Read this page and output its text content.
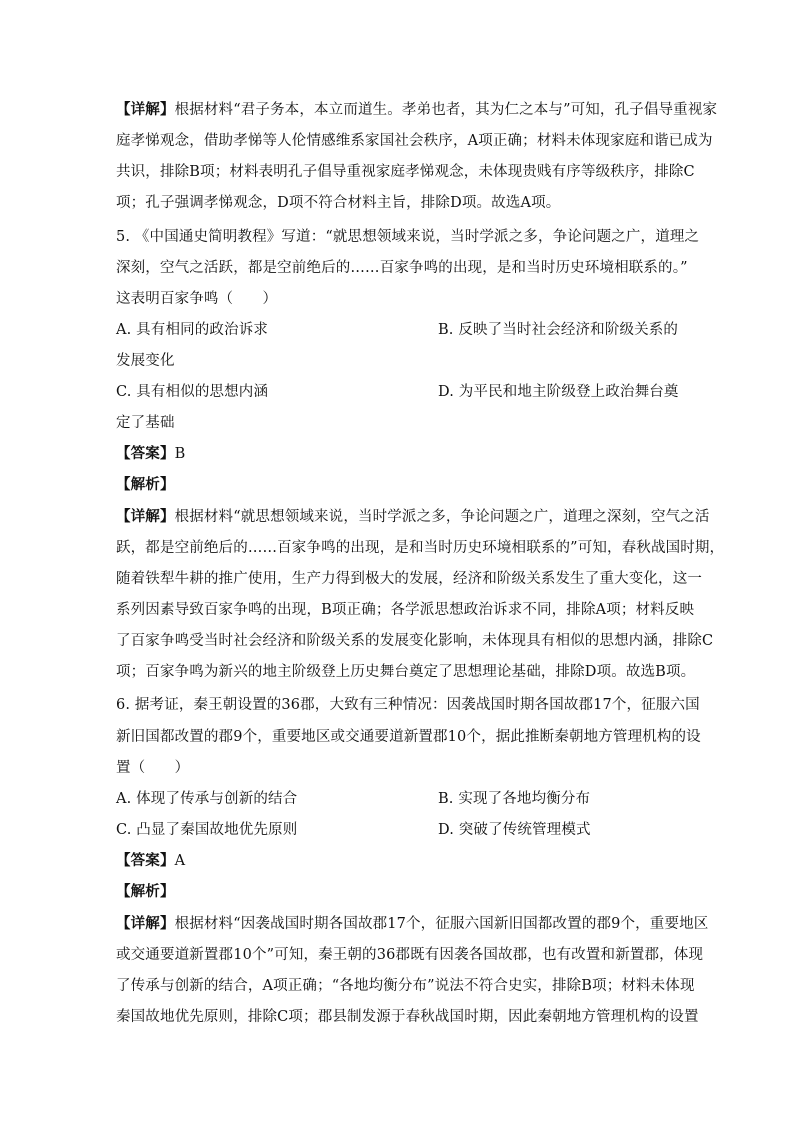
【详解】根据材料“君子务本，本立而道生。孝弟也者，其为仁之本与”可知，孔子倡导重视家
庭孝悌观念，借助孝悌等人伦情感维系家国社会秩序，A项正确；材料未体现家庭和谐已成为
共识，排除B项；材料表明孔子倡导重视家庭孝悌观念，未体现贵贱有序等级秩序，排除C
项；孔子强调孝悌观念，D项不符合材料主旨，排除D项。故选A项。
5. 《中国通史简明教程》写道：“就思想领域来说，当时学派之多，争论问题之广，道理之
深刻，空气之活跃，都是空前绝后的……百家争鸣的出现，是和当时历史环境相联系的。”
这表明百家争鸣（　　）
A. 具有相同的政治诉求	B. 反映了当时社会经济和阶级关系的
发展变化
C. 具有相似的思想内涵	D. 为平民和地主阶级登上政治舞台奠
定了基础
【答案】B
【解析】
【详解】根据材料“就思想领域来说，当时学派之多，争论问题之广，道理之深刻，空气之活
跃，都是空前绝后的……百家争鸣的出现，是和当时历史环境相联系的”可知，春秋战国时期，
随着铁犁牛耕的推广使用，生产力得到极大的发展，经济和阶级关系发生了重大变化，这一
系列因素导致百家争鸣的出现，B项正确；各学派思想政治诉求不同，排除A项；材料反映
了百家争鸣受当时社会经济和阶级关系的发展变化影响，未体现具有相似的思想内涵，排除C
项；百家争鸣为新兴的地主阶级登上历史舞台奠定了思想理论基础，排除D项。故选B项。
6. 据考证，秦王朝设置的36郡，大致有三种情况：因袭战国时期各国故郡17个，征服六国
新旧国都改置的郡9个，重要地区或交通要道新置郡10个，据此推断秦朝地方管理机构的设
置（　　）
A. 体现了传承与创新的结合	B. 实现了各地均衡分布
C. 凸显了秦国故地优先原则	D. 突破了传统管理模式
【答案】A
【解析】
【详解】根据材料“因袭战国时期各国故郡17个，征服六国新旧国都改置的郡9个，重要地区
或交通要道新置郡10个”可知，秦王朝的36郡既有因袭各国故郡，也有改置和新置郡，体现
了传承与创新的结合，A项正确；“各地均衡分布”说法不符合史实，排除B项；材料未体现
秦国故地优先原则，排除C项；郡县制发源于春秋战国时期，因此秦朝地方管理机构的设置
